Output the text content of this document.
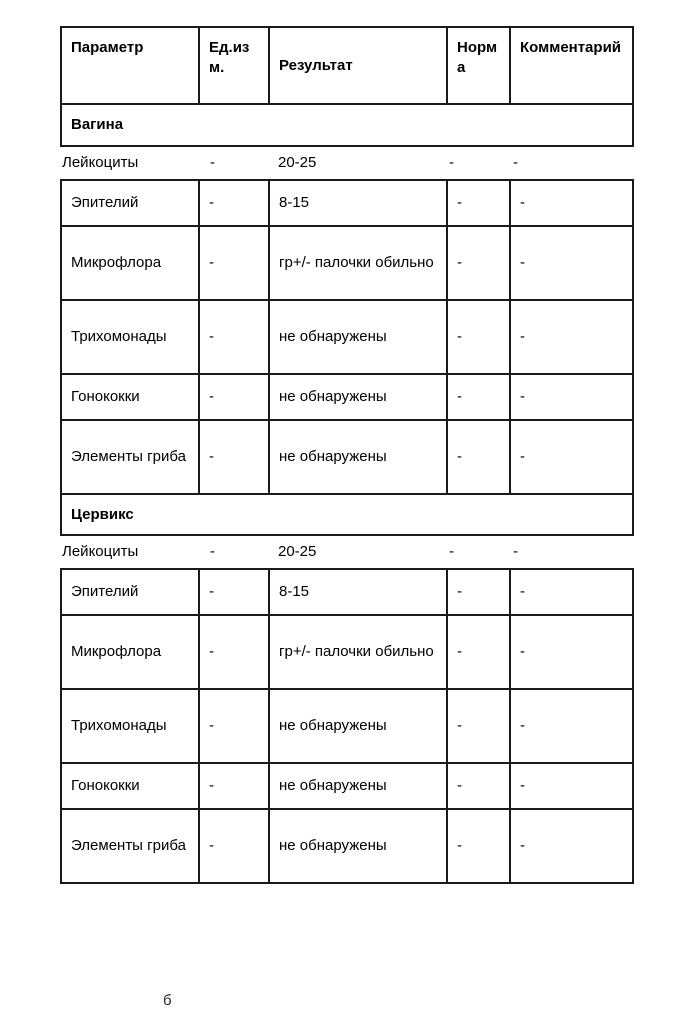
Параметр	Ед.изм.	Результат	Норма	Комментарий
Вагина				
Лейкоциты	-	20-25	-	-
Эпителий	-	8-15	-	-
Микрофлора	-	гр+/- палочки обильно	-	-
Трихомонады	-	не обнаружены	-	-
Гонококки	-	не обнаружены	-	-
Элементы гриба	-	не обнаружены	-	-
Цервикс				
Лейкоциты	-	20-25	-	-
Эпителий	-	8-15	-	-
Микрофлора	-	гр+/- палочки обильно	-	-
Трихомонады	-	не обнаружены	-	-
Гонококки	-	не обнаружены	-	-
Элементы гриба	-	не обнаружены	-	-
б
